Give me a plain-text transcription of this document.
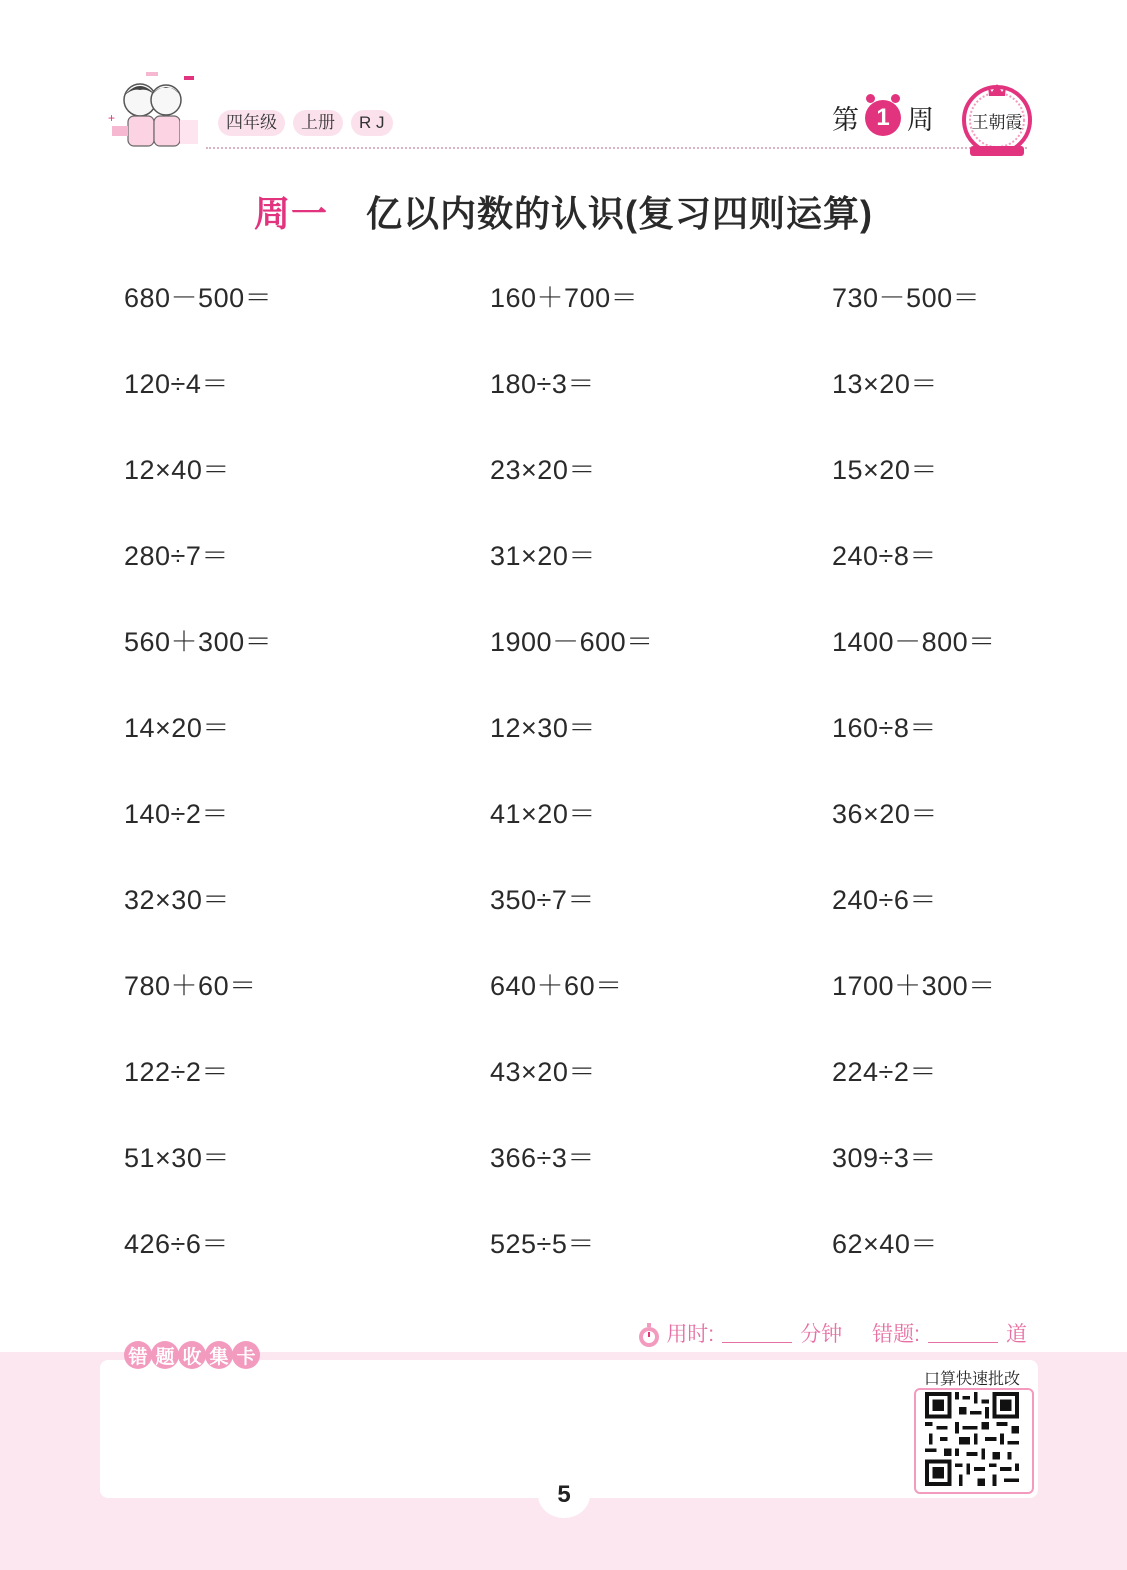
+	四年级	上册	R J	第 1 周 王朝霞
周一 亿以内数的认识(复习四则运算)
680－500＝	160＋700＝	730－500＝
120÷4＝	180÷3＝	13×20＝
12×40＝	23×20＝	15×20＝
280÷7＝	31×20＝	240÷8＝
560＋300＝	1900－600＝	1400－800＝
14×20＝	12×30＝	160÷8＝
140÷2＝	41×20＝	36×20＝
32×30＝	350÷7＝	240÷6＝
780＋60＝	640＋60＝	1700＋300＝
122÷2＝	43×20＝	224÷2＝
51×30＝	366÷3＝	309÷3＝
426÷6＝	525÷5＝	62×40＝
用时:	分钟 错题:	道
错 题 收 集 卡
口算快速批改
5
